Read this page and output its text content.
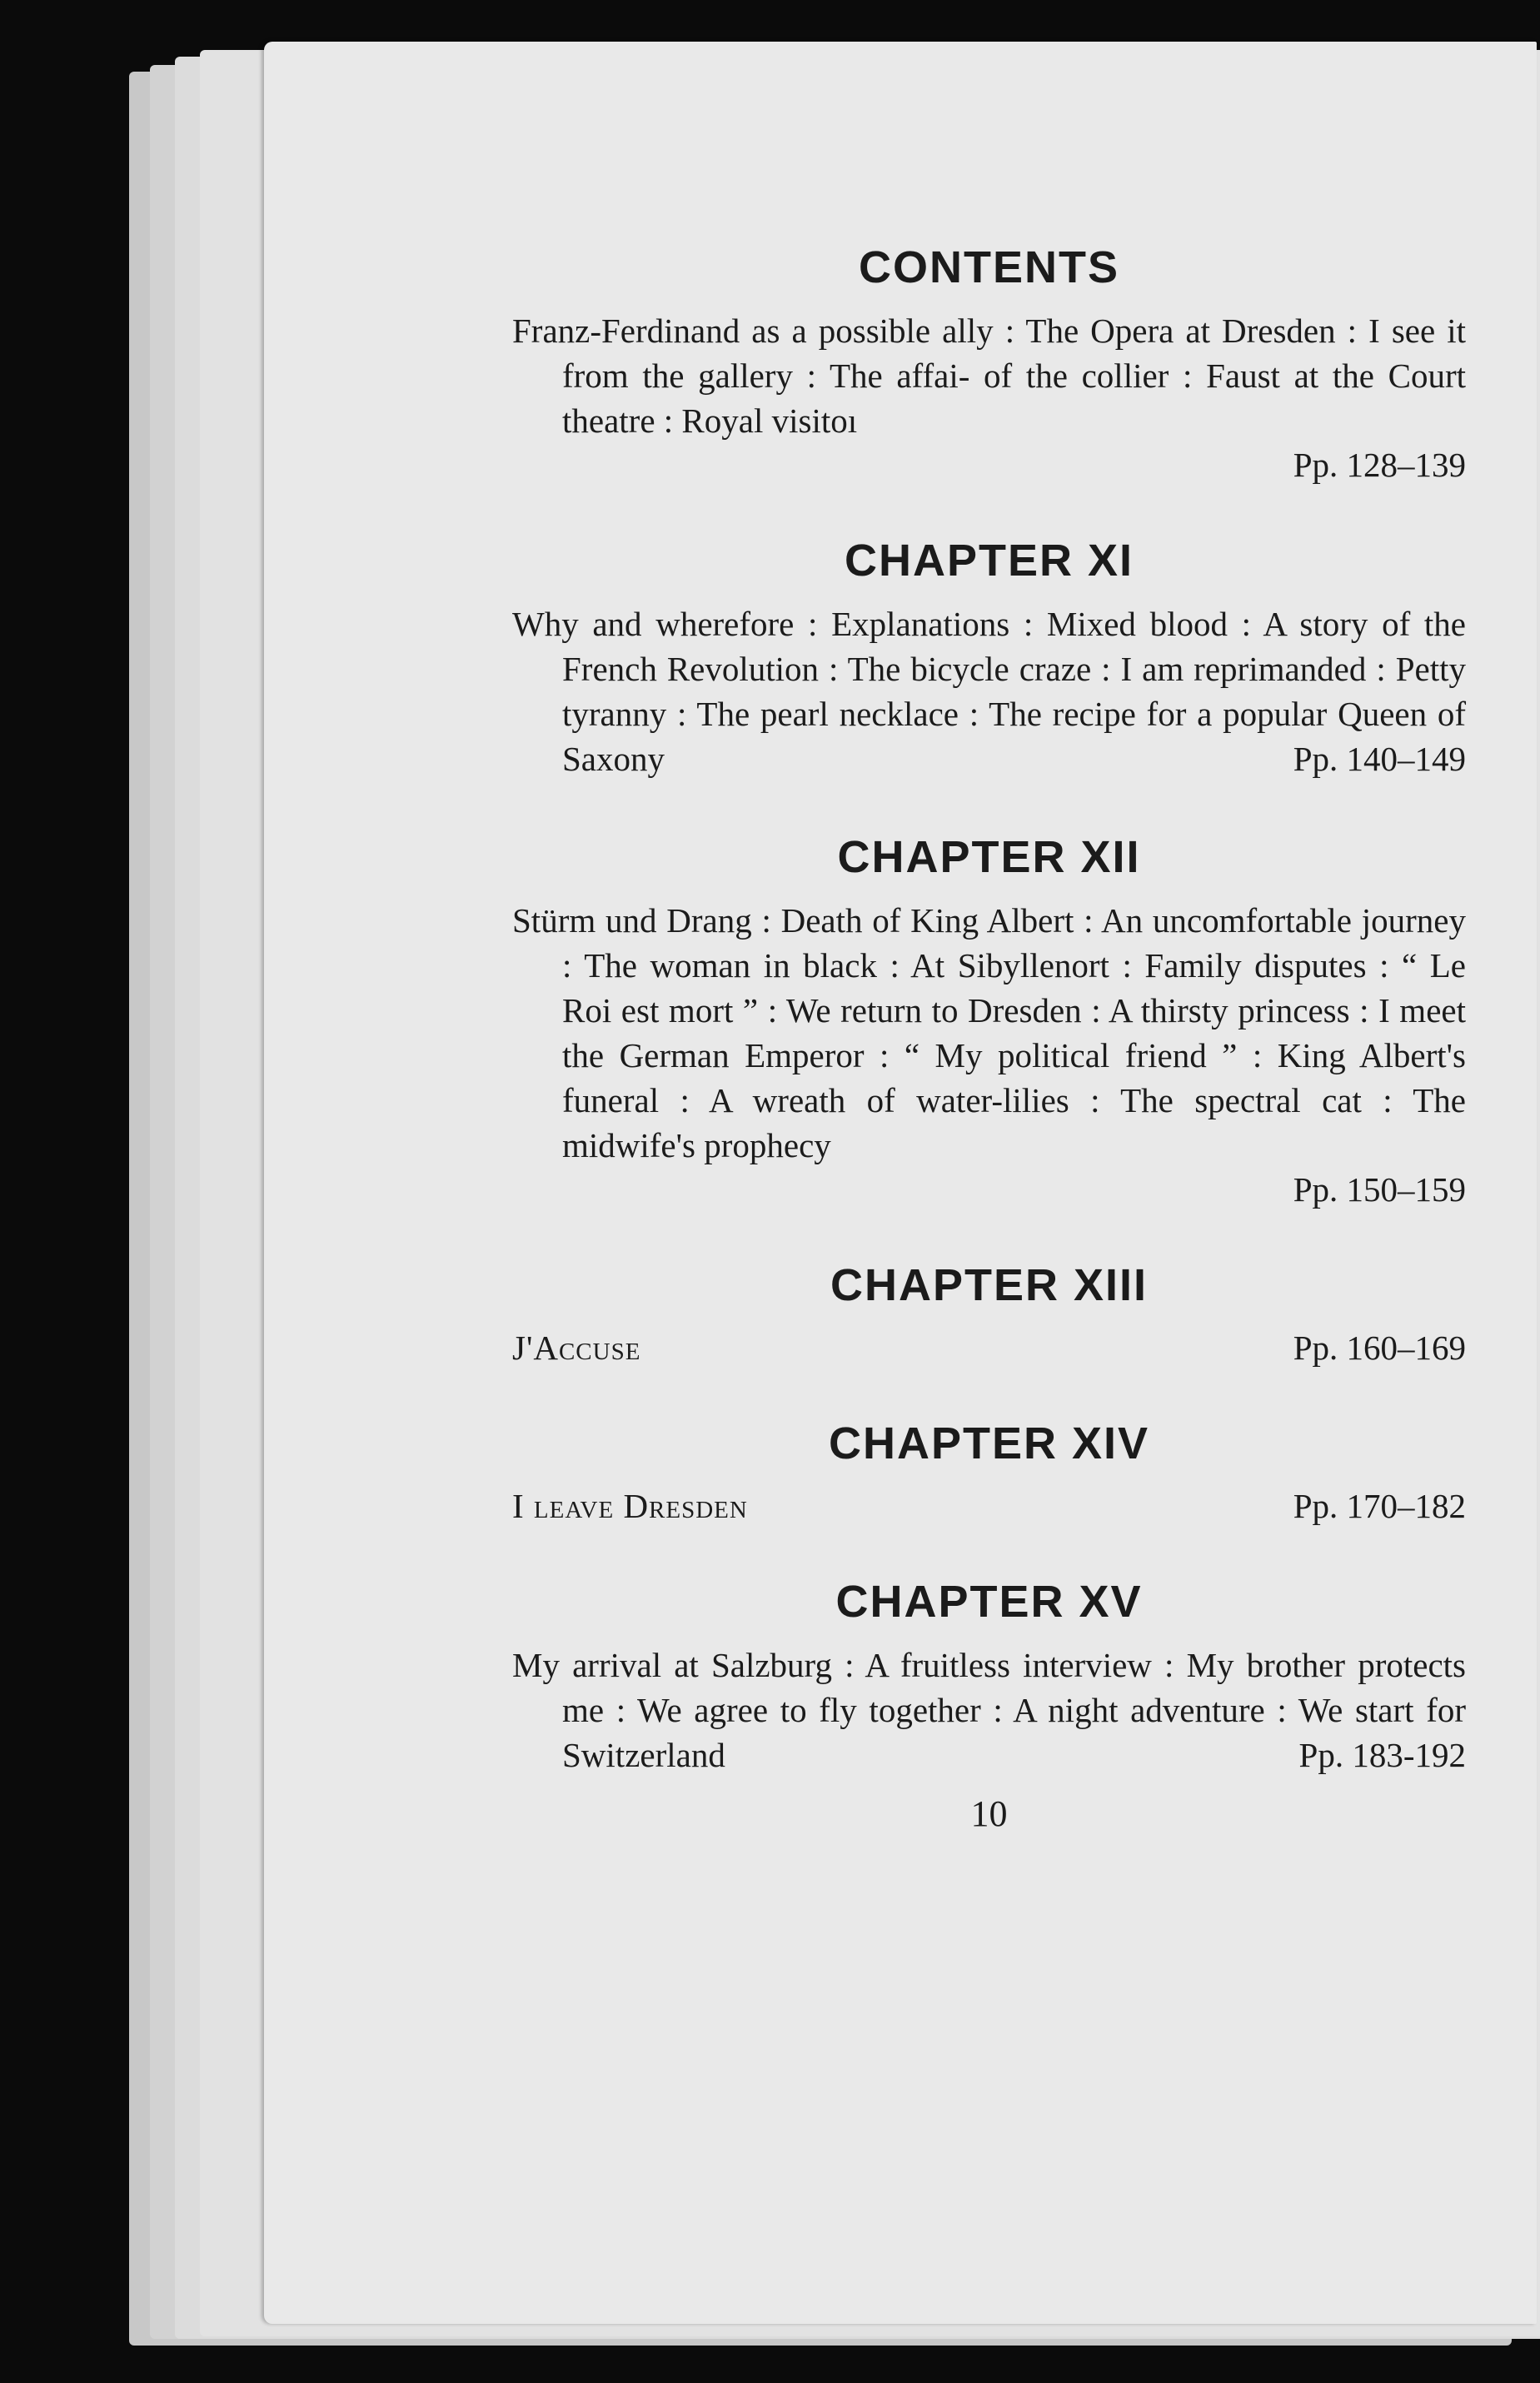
CONTENTS

Franz-Ferdinand as a possible ally : The Opera at Dresden : I see it from the gallery : The affai- of the collier : Faust at the Court theatre : Royal visitoı

Pp. 128–139

CHAPTER XI

Why and wherefore : Explanations : Mixed blood : A story of the French Revolution : The bicycle craze : I am reprimanded : Petty tyranny : The pearl necklace : The recipe for a popular Queen of Saxony	Pp. 140–149

CHAPTER XII

Stürm und Drang : Death of King Albert : An uncomfortable journey : The woman in black : At Sibyllenort : Family disputes : “ Le Roi est mort ” : We return to Dresden : A thirsty princess : I meet the German Emperor : “ My political friend ” : King Albert's funeral : A wreath of water-lilies : The spectral cat : The midwife's prophecy

Pp. 150–159

CHAPTER XIII
J'Accuse	Pp. 160–169
CHAPTER XIV
I leave Dresden	Pp. 170–182
CHAPTER XV

My arrival at Salzburg : A fruitless interview : My brother protects me : We agree to fly together : A night adventure : We start for Switzerland	Pp. 183-192

10
